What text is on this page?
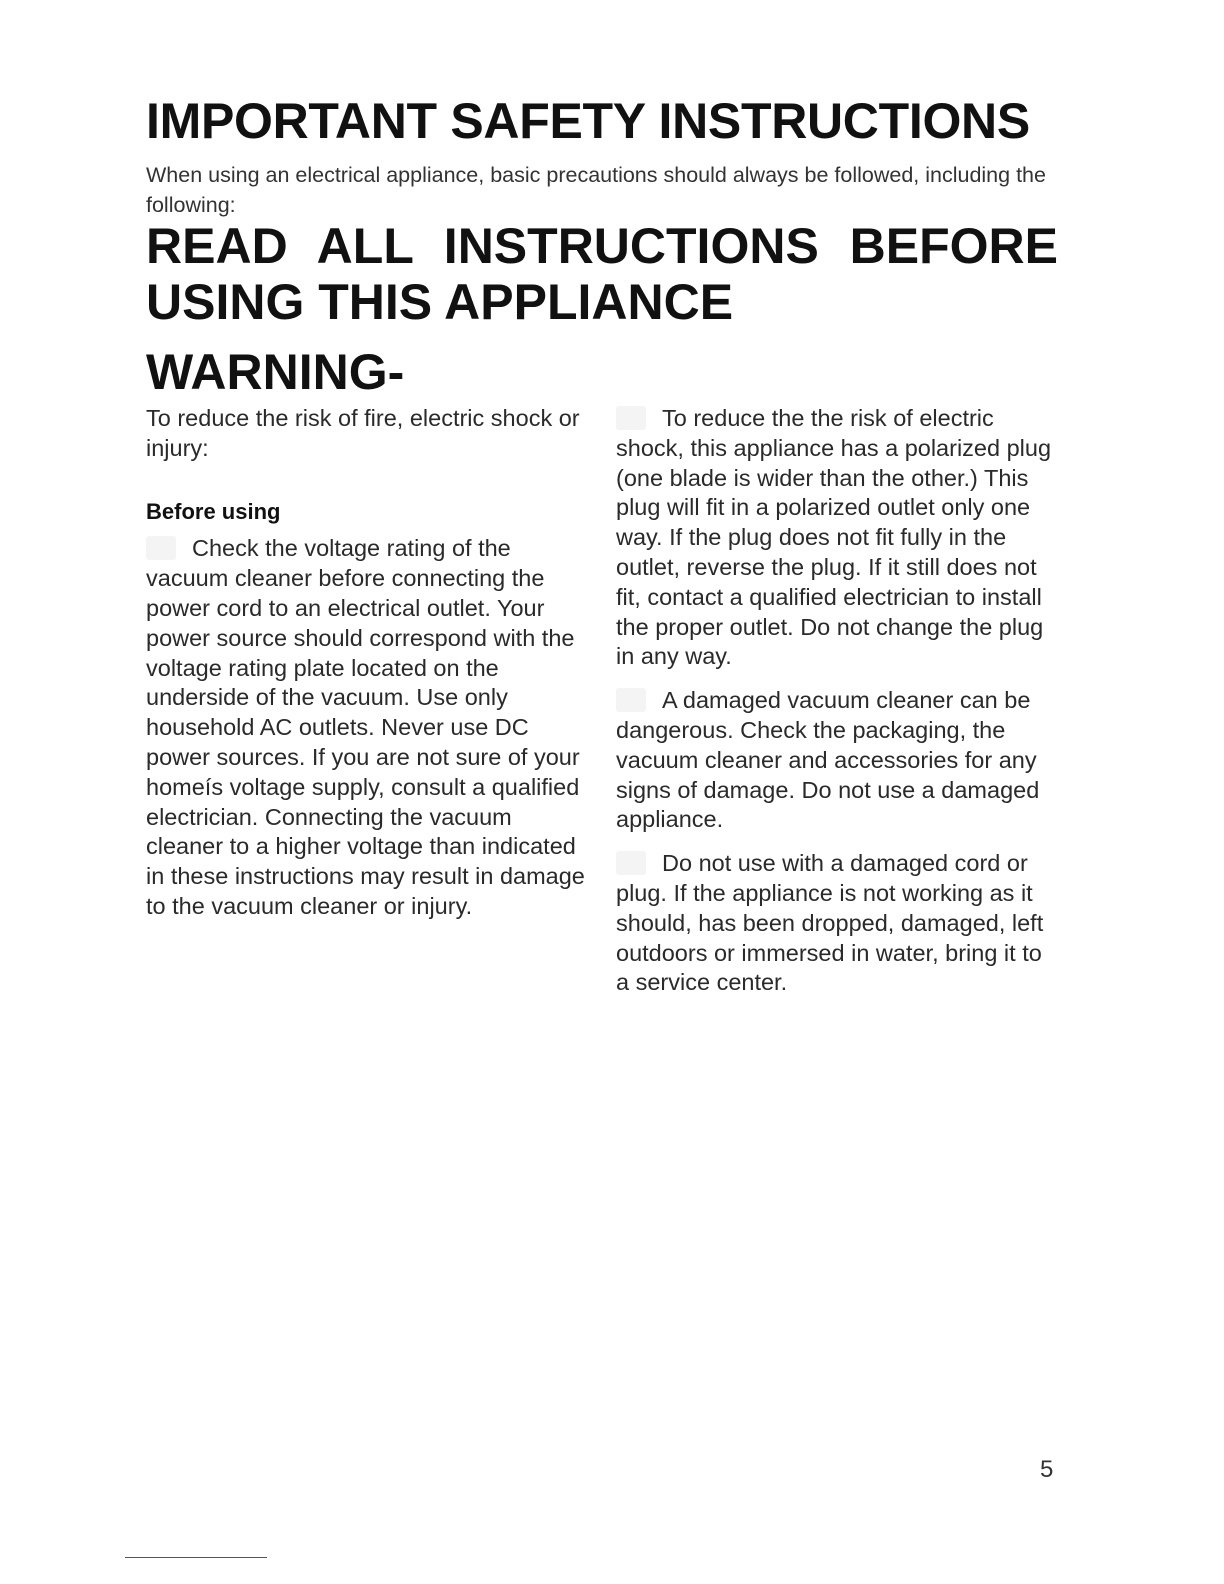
IMPORTANT SAFETY INSTRUCTIONS

When using an electrical appliance, basic precautions should always be followed, including the following:

READ ALL INSTRUCTIONS BEFORE
USING THIS APPLIANCE
WARNING-

To reduce the risk of fire, electric shock or injury:

Before using

Check the voltage rating of the vacuum cleaner before connecting the power cord to an electrical outlet. Your power source should correspond with the voltage rating plate located on the underside of the vacuum. Use only household AC outlets. Never use DC power sources. If you are not sure of your homeís voltage supply, consult a qualified electrician. Connecting the vacuum cleaner to a higher voltage than indicated in these instructions may result in damage to the vacuum cleaner or injury.

To reduce the the risk of electric shock, this appliance has a polarized plug (one blade is wider than the other.) This plug will fit in a polarized outlet only one way. If the plug does not fit fully in the outlet, reverse the plug. If it still does not fit, contact a qualified electrician to install the proper outlet. Do not change the plug in any way.

A damaged vacuum cleaner can be dangerous. Check the packaging, the vacuum cleaner and accessories for any signs of damage. Do not use a damaged appliance.

Do not use with a damaged cord or plug. If the appliance is not working as it should, has been dropped, damaged, left outdoors or immersed in water, bring it to a service center.

5
